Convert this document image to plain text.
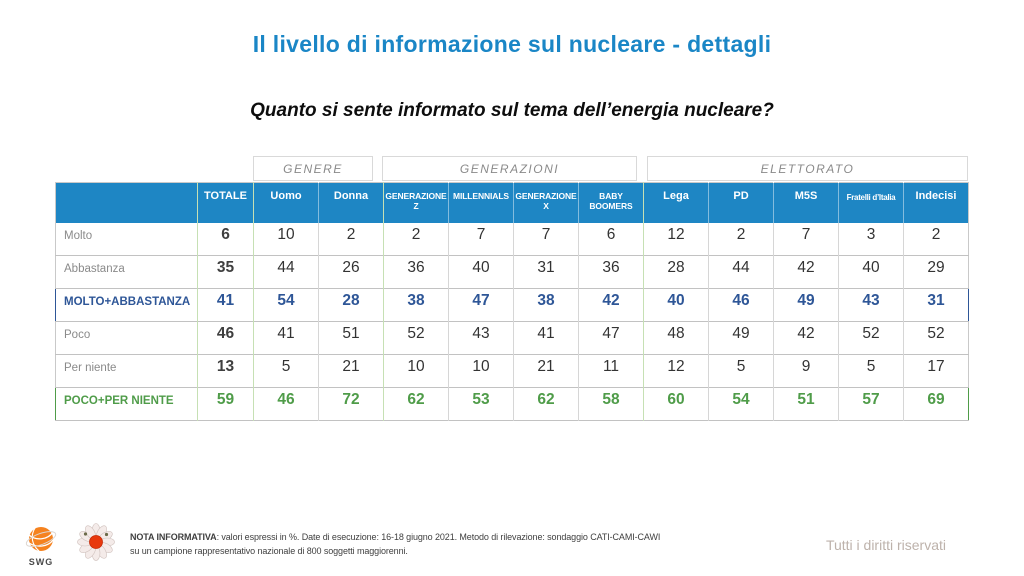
Il livello di informazione sul nucleare - dettagli
Quanto si sente informato sul tema dell’energia nucleare?
GENERE	GENERAZIONI	ELETTORATO
	TOTALE	Uomo	Donna	GENERAZIONE Z	MILLENNIALS	GENERAZIONE X	BABY BOOMERS	Lega	PD	M5S	Fratelli d’Italia	Indecisi
Molto	6	10	2	2	7	7	6	12	2	7	3	2
Abbastanza	35	44	26	36	40	31	36	28	44	42	40	29
MOLTO+ABBASTANZA	41	54	28	38	47	38	42	40	46	49	43	31
Poco	46	41	51	52	43	41	47	48	49	42	52	52
Per niente	13	5	21	10	10	21	11	12	5	9	5	17
POCO+PER NIENTE	59	46	72	62	53	62	58	60	54	51	57	69
SWG
NOTA INFORMATIVA: valori espressi in %. Date di esecuzione: 16-18 giugno 2021. Metodo di rilevazione: sondaggio CATI-CAMI-CAWI
su un campione rappresentativo nazionale di 800 soggetti maggiorenni.	Tutti i diritti riservati
